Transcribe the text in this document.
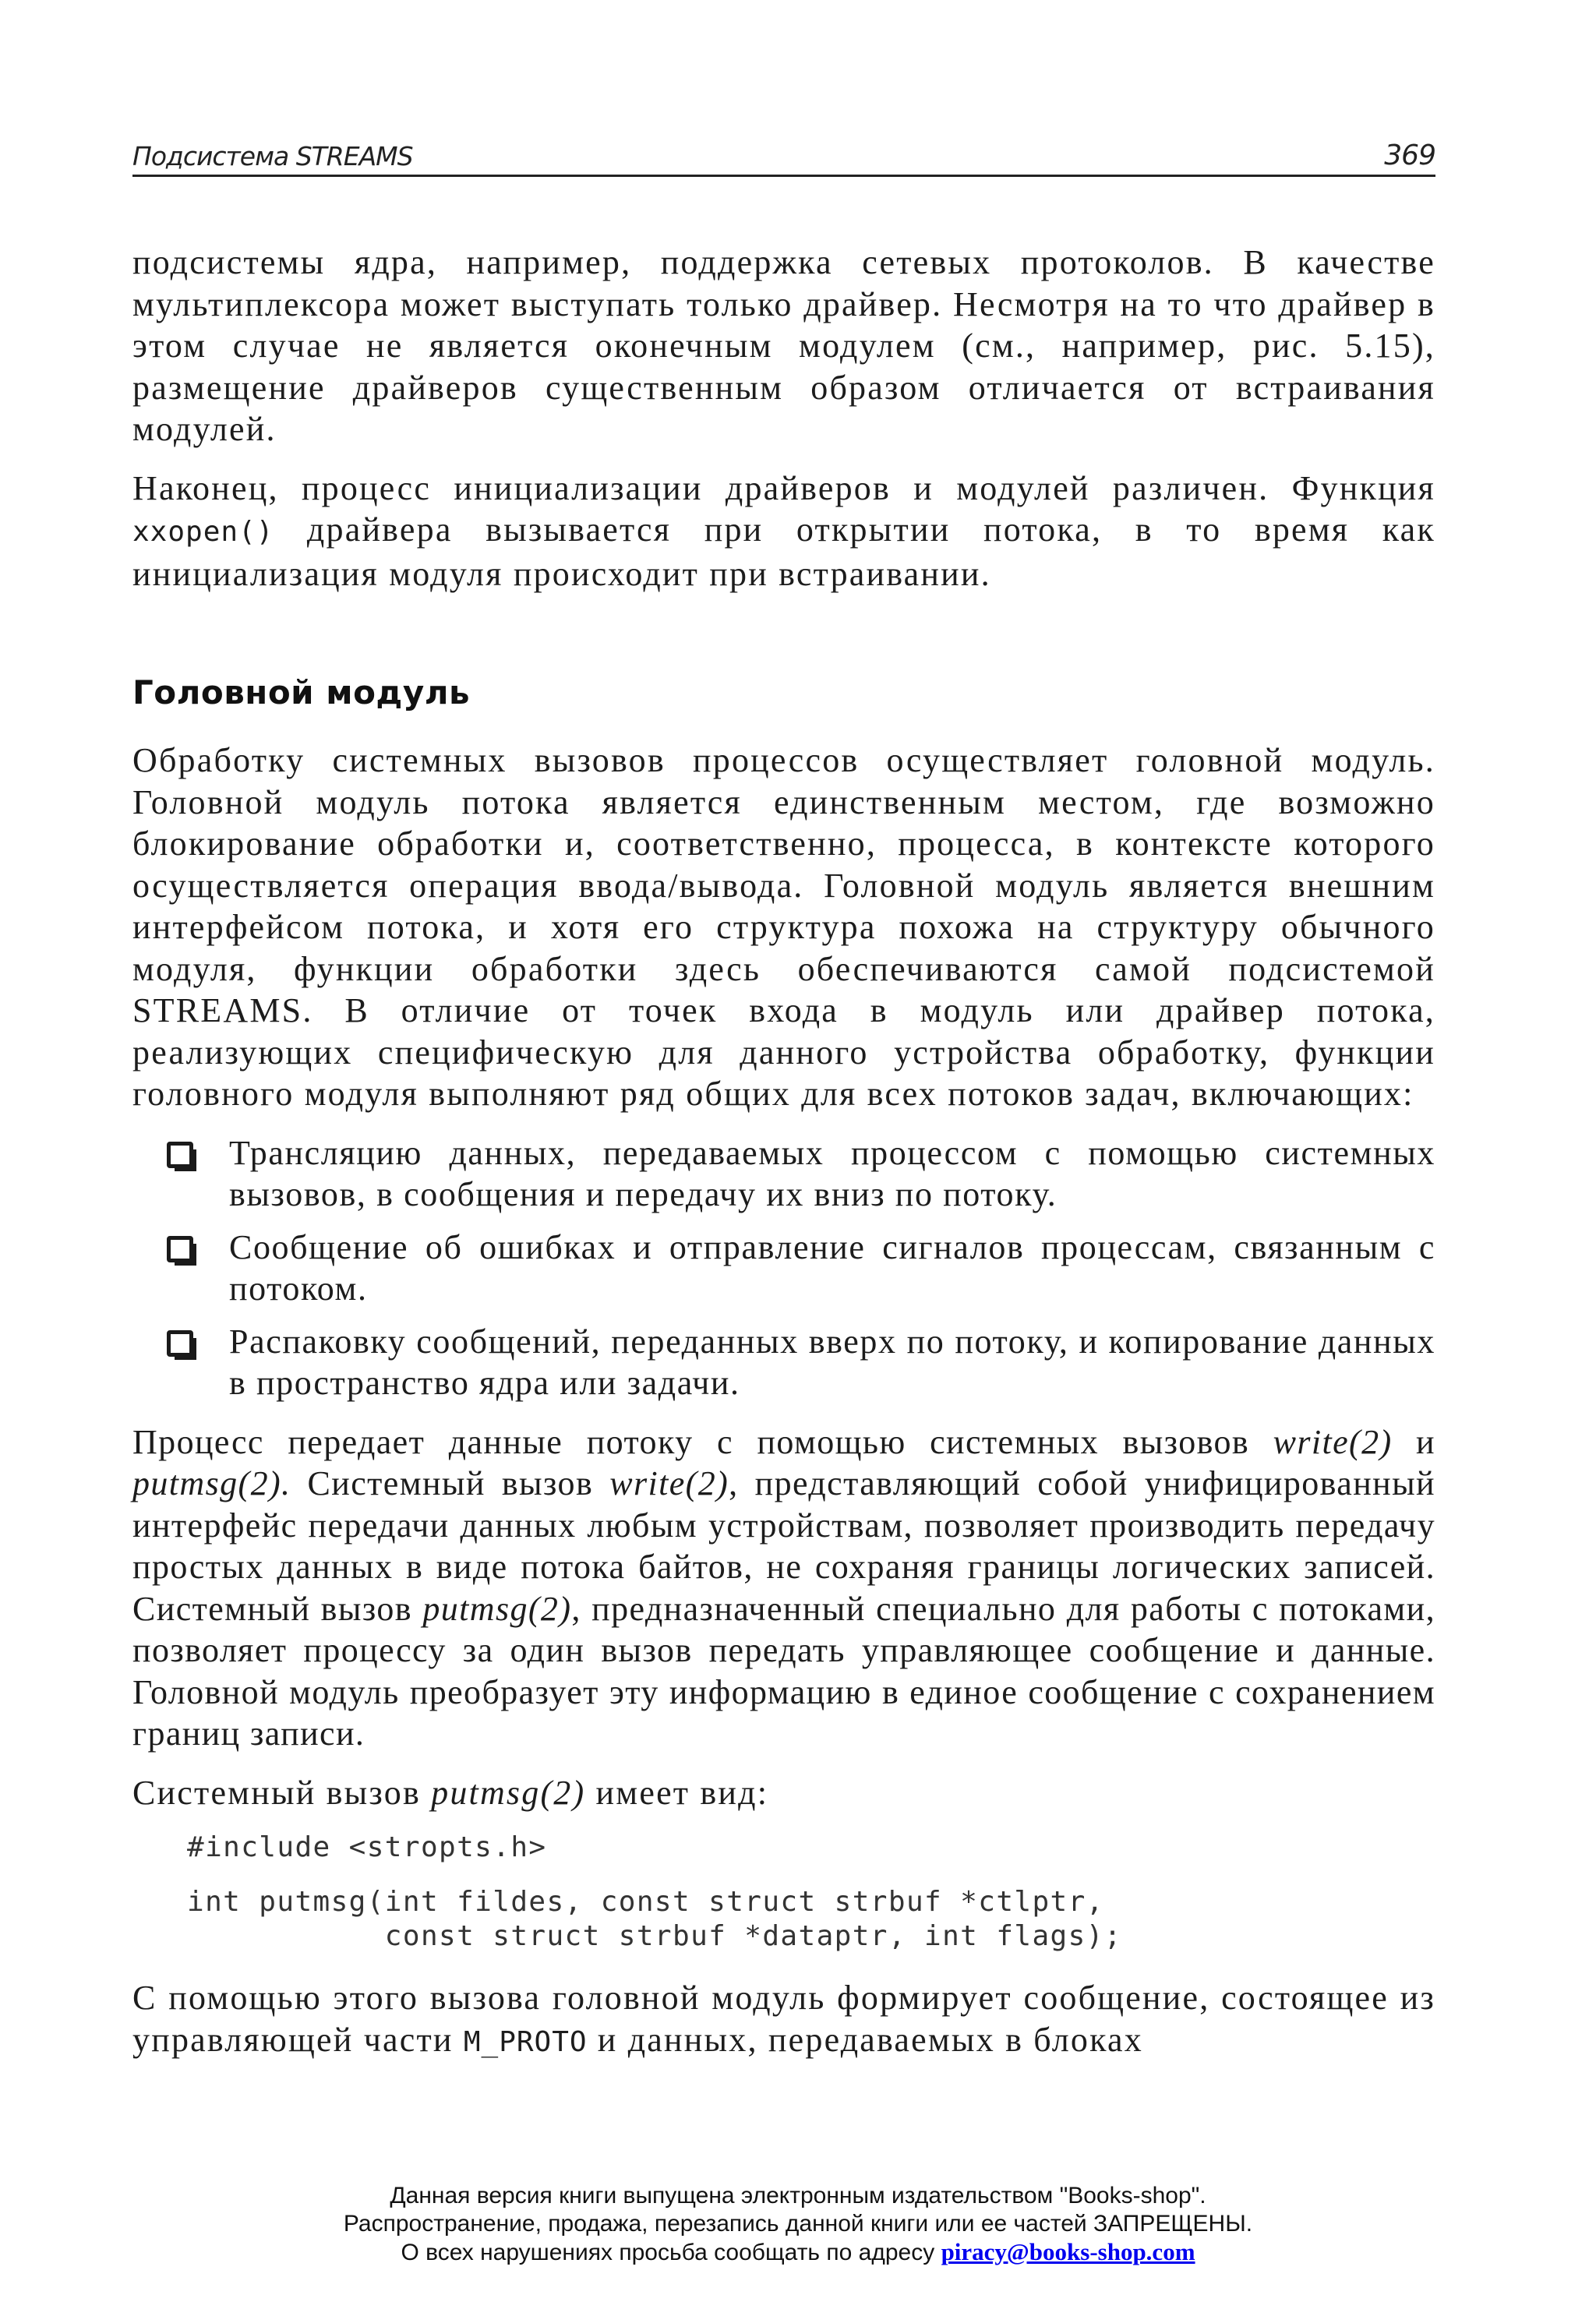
Подсистема STREAMS	369

подсистемы ядра, например, поддержка сетевых протоколов. В качестве мультиплексора может выступать только драйвер. Несмотря на то что драйвер в этом случае не является оконечным модулем (см., например, рис. 5.15), размещение драйверов существенным образом отличается от встраивания модулей.

Наконец, процесс инициализации драйверов и модулей различен. Функция xxopen() драйвера вызывается при открытии потока, в то время как инициализация модуля происходит при встраивании.

Головной модуль

Обработку системных вызовов процессов осуществляет головной модуль. Головной модуль потока является единственным местом, где возможно блокирование обработки и, соответственно, процесса, в контексте которого осуществляется операция ввода/вывода. Головной модуль является внешним интерфейсом потока, и хотя его структура похожа на структуру обычного модуля, функции обработки здесь обеспечиваются самой подсистемой STREAMS. В отличие от точек входа в модуль или драйвер потока, реализующих специфическую для данного устройства обработку, функции головного модуля выполняют ряд общих для всех потоков задач, включающих:

Трансляцию данных, передаваемых процессом с помощью системных вызовов, в сообщения и передачу их вниз по потоку.
Сообщение об ошибках и отправление сигналов процессам, связанным с потоком.
Распаковку сообщений, переданных вверх по потоку, и копирование данных в пространство ядра или задачи.

Процесс передает данные потоку с помощью системных вызовов write(2) и putmsg(2). Системный вызов write(2), представляющий собой унифицированный интерфейс передачи данных любым устройствам, позволяет производить передачу простых данных в виде потока байтов, не сохраняя границы логических записей. Системный вызов putmsg(2), предназначенный специально для работы с потоками, позволяет процессу за один вызов передать управляющее сообщение и данные. Головной модуль преобразует эту информацию в единое сообщение с сохранением границ записи.

Системный вызов putmsg(2) имеет вид:

#include <stropts.h>
int putmsg(int fildes, const struct strbuf *ctlptr,
const struct strbuf *dataptr, int flags);

С помощью этого вызова головной модуль формирует сообщение, состоящее из управляющей части M_PROTO и данных, передаваемых в блоках

Данная версия книги выпущена электронным издательством "Books-shop".
Распространение, продажа, перезапись данной книги или ее частей ЗАПРЕЩЕНЫ.
О всех нарушениях просьба сообщать по адресу piracy@books-shop.com
